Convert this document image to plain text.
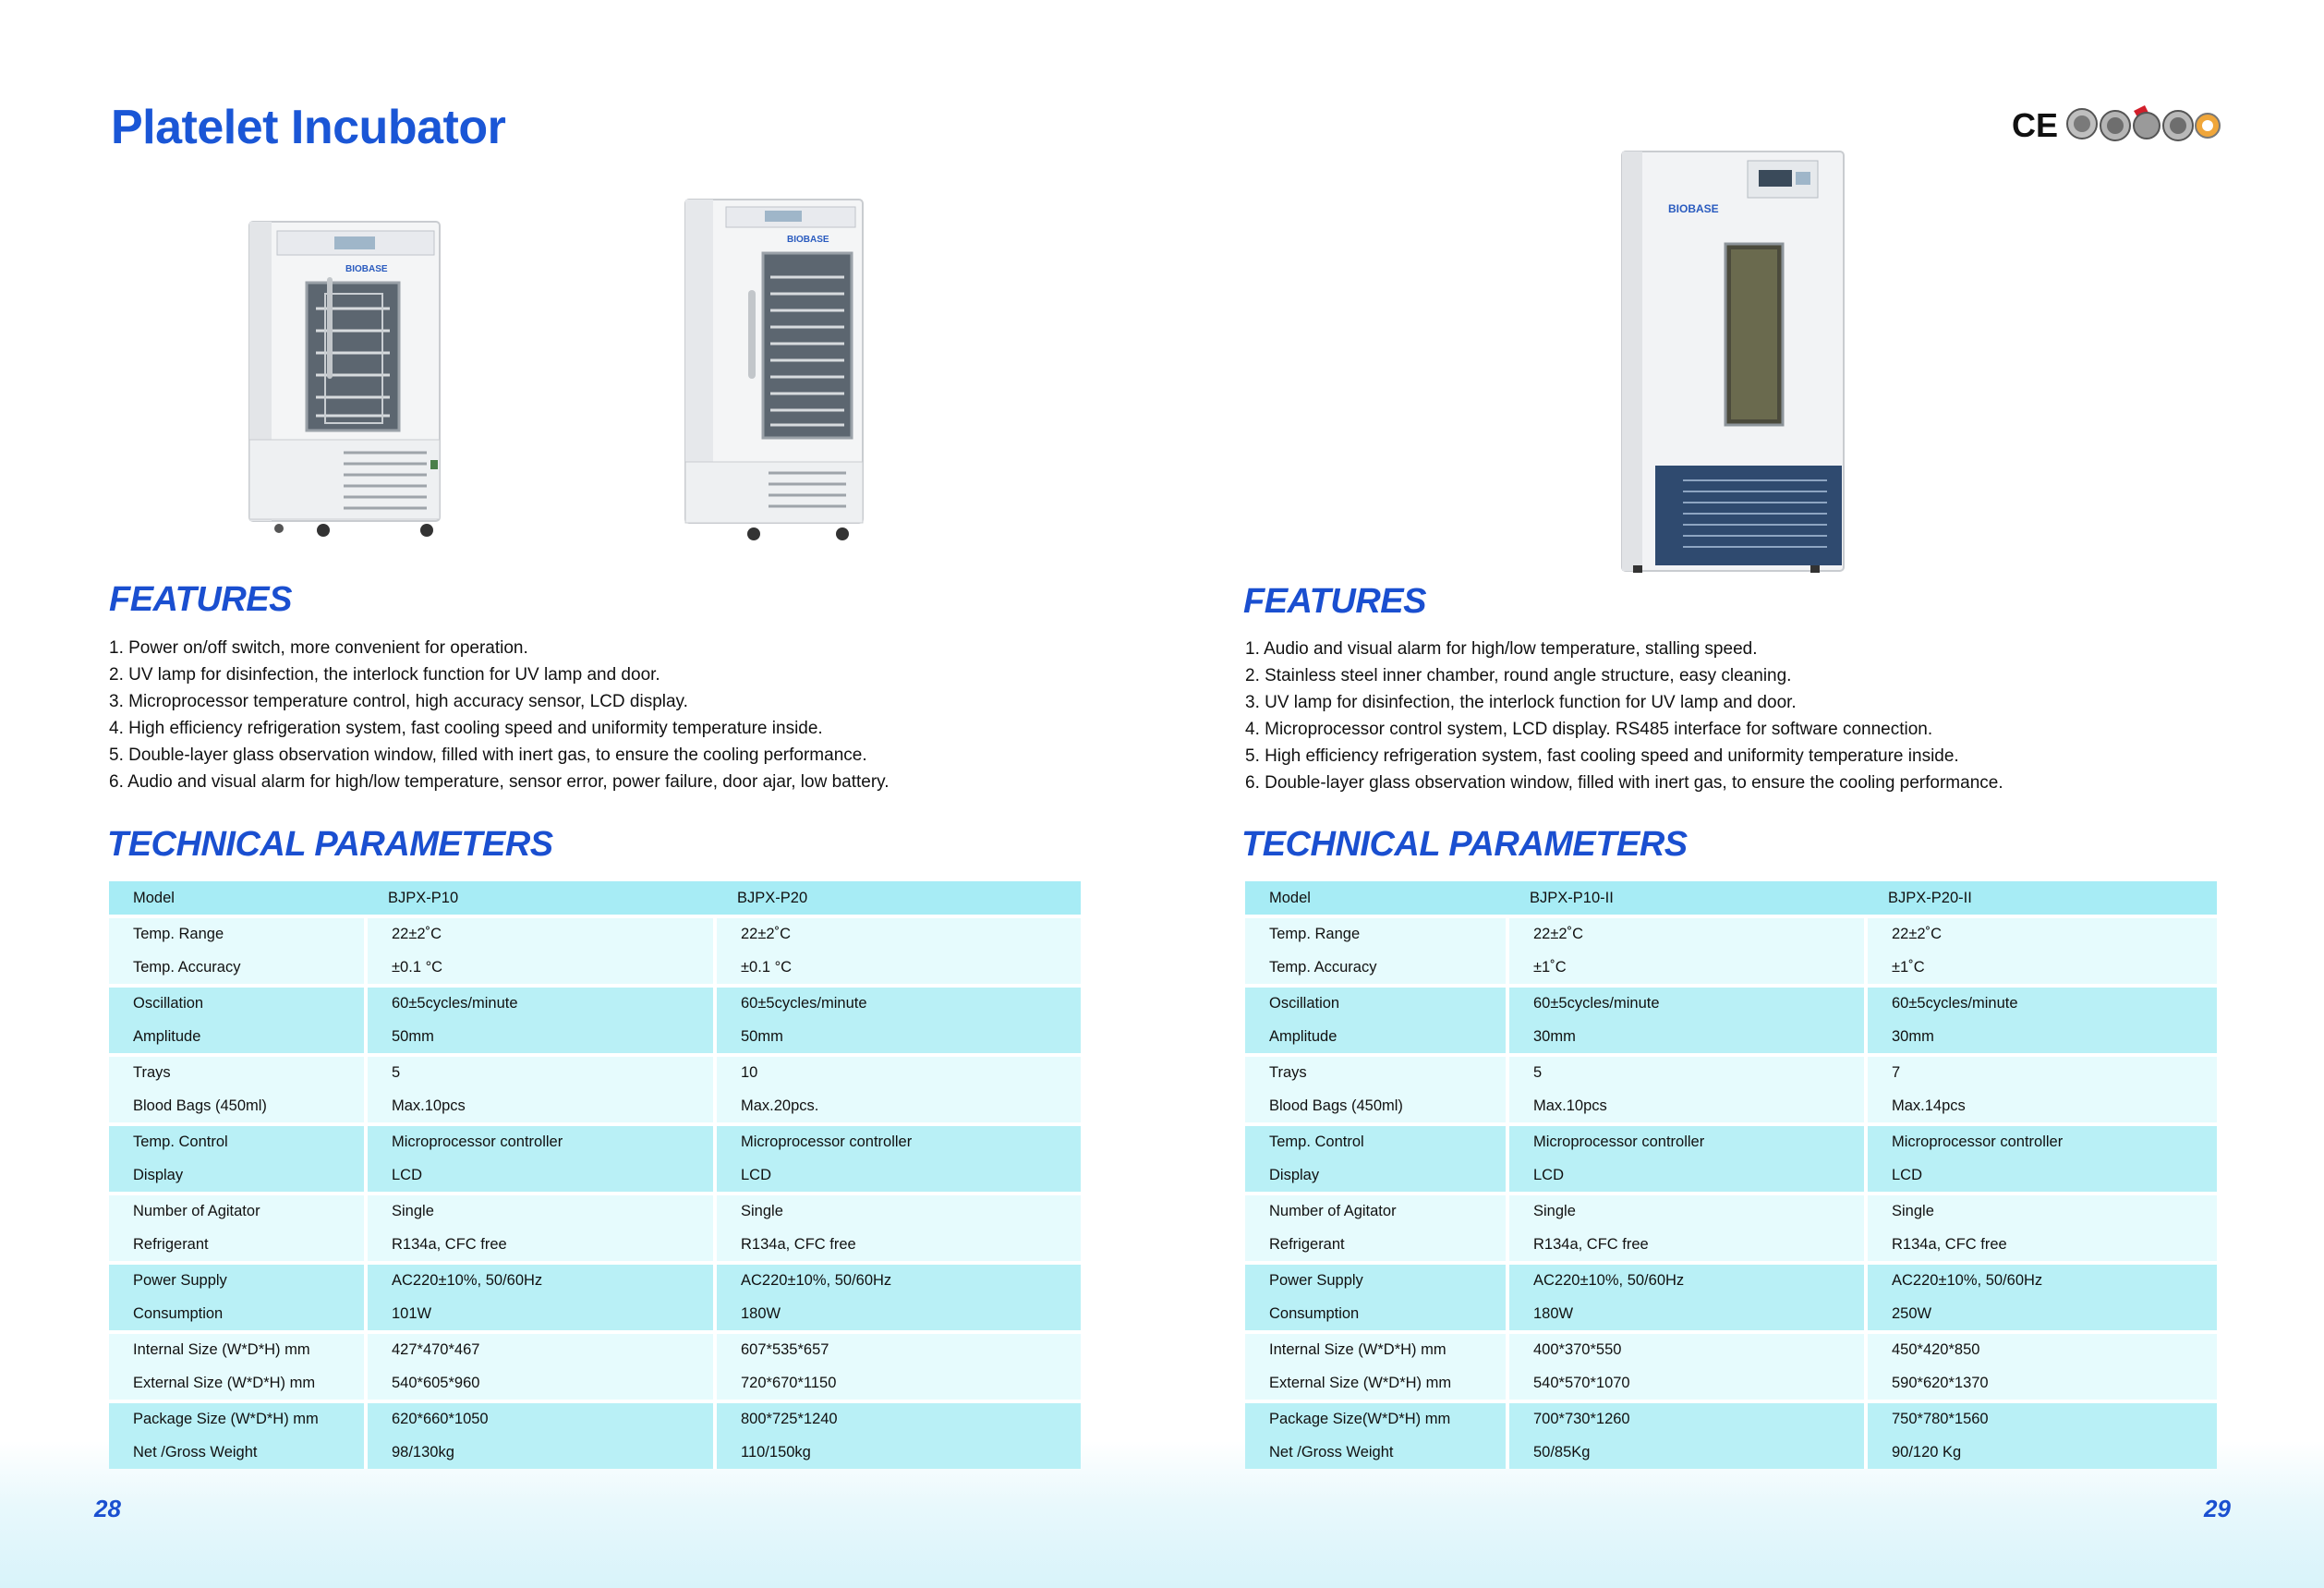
Platelet Incubator
BIOBASE
BIOBASE
BIOBASE
CE
FEATURES
1. Power on/off switch, more convenient for operation.
2. UV lamp for disinfection, the interlock function for UV lamp and door.
3. Microprocessor temperature control, high accuracy sensor, LCD display.
4. High efficiency refrigeration system, fast cooling speed and uniformity temperature inside.
5. Double-layer glass observation window, filled with inert gas, to ensure the cooling performance.
6. Audio and visual alarm for high/low temperature, sensor error, power failure, door ajar, low battery.
TECHNICAL PARAMETERS
Model	BJPX-P10	BJPX-P20
Temp. Range	22±2˚C	22±2˚C
Temp. Accuracy	±0.1 °C	±0.1 °C
Oscillation	60±5cycles/minute	60±5cycles/minute
Amplitude	50mm	50mm
Trays	5	10
Blood Bags (450ml)	Max.10pcs	Max.20pcs.
Temp. Control	Microprocessor controller	Microprocessor controller
Display	LCD	LCD
Number of Agitator	Single	Single
Refrigerant	R134a, CFC free	R134a, CFC free
Power Supply	AC220±10%, 50/60Hz	AC220±10%, 50/60Hz
Consumption	101W	180W
Internal Size (W*D*H) mm	427*470*467	607*535*657
External Size (W*D*H) mm	540*605*960	720*670*1150
Package Size (W*D*H) mm	620*660*1050	800*725*1240
Net /Gross Weight	98/130kg	110/150kg

28

FEATURES
1. Audio and visual alarm for high/low temperature, stalling speed.
2. Stainless steel inner chamber, round angle structure, easy cleaning.
3. UV lamp for disinfection, the interlock function for UV lamp and door.
4. Microprocessor control system, LCD display. RS485 interface for software connection.
5. High efficiency refrigeration system, fast cooling speed and uniformity temperature inside.
6. Double-layer glass observation window, filled with inert gas, to ensure the cooling performance.
TECHNICAL PARAMETERS
Model	BJPX-P10-II	BJPX-P20-II
Temp. Range	22±2˚C	22±2˚C
Temp. Accuracy	±1˚C	±1˚C
Oscillation	60±5cycles/minute	60±5cycles/minute
Amplitude	30mm	30mm
Trays	5	7
Blood Bags (450ml)	Max.10pcs	Max.14pcs
Temp. Control	Microprocessor controller	Microprocessor controller
Display	LCD	LCD
Number of Agitator	Single	Single
Refrigerant	R134a, CFC free	R134a, CFC free
Power Supply	AC220±10%, 50/60Hz	AC220±10%, 50/60Hz
Consumption	180W	250W
Internal Size (W*D*H) mm	400*370*550	450*420*850
External Size (W*D*H) mm	540*570*1070	590*620*1370
Package Size(W*D*H) mm	700*730*1260	750*780*1560
Net /Gross Weight	50/85Kg	90/120 Kg

29
